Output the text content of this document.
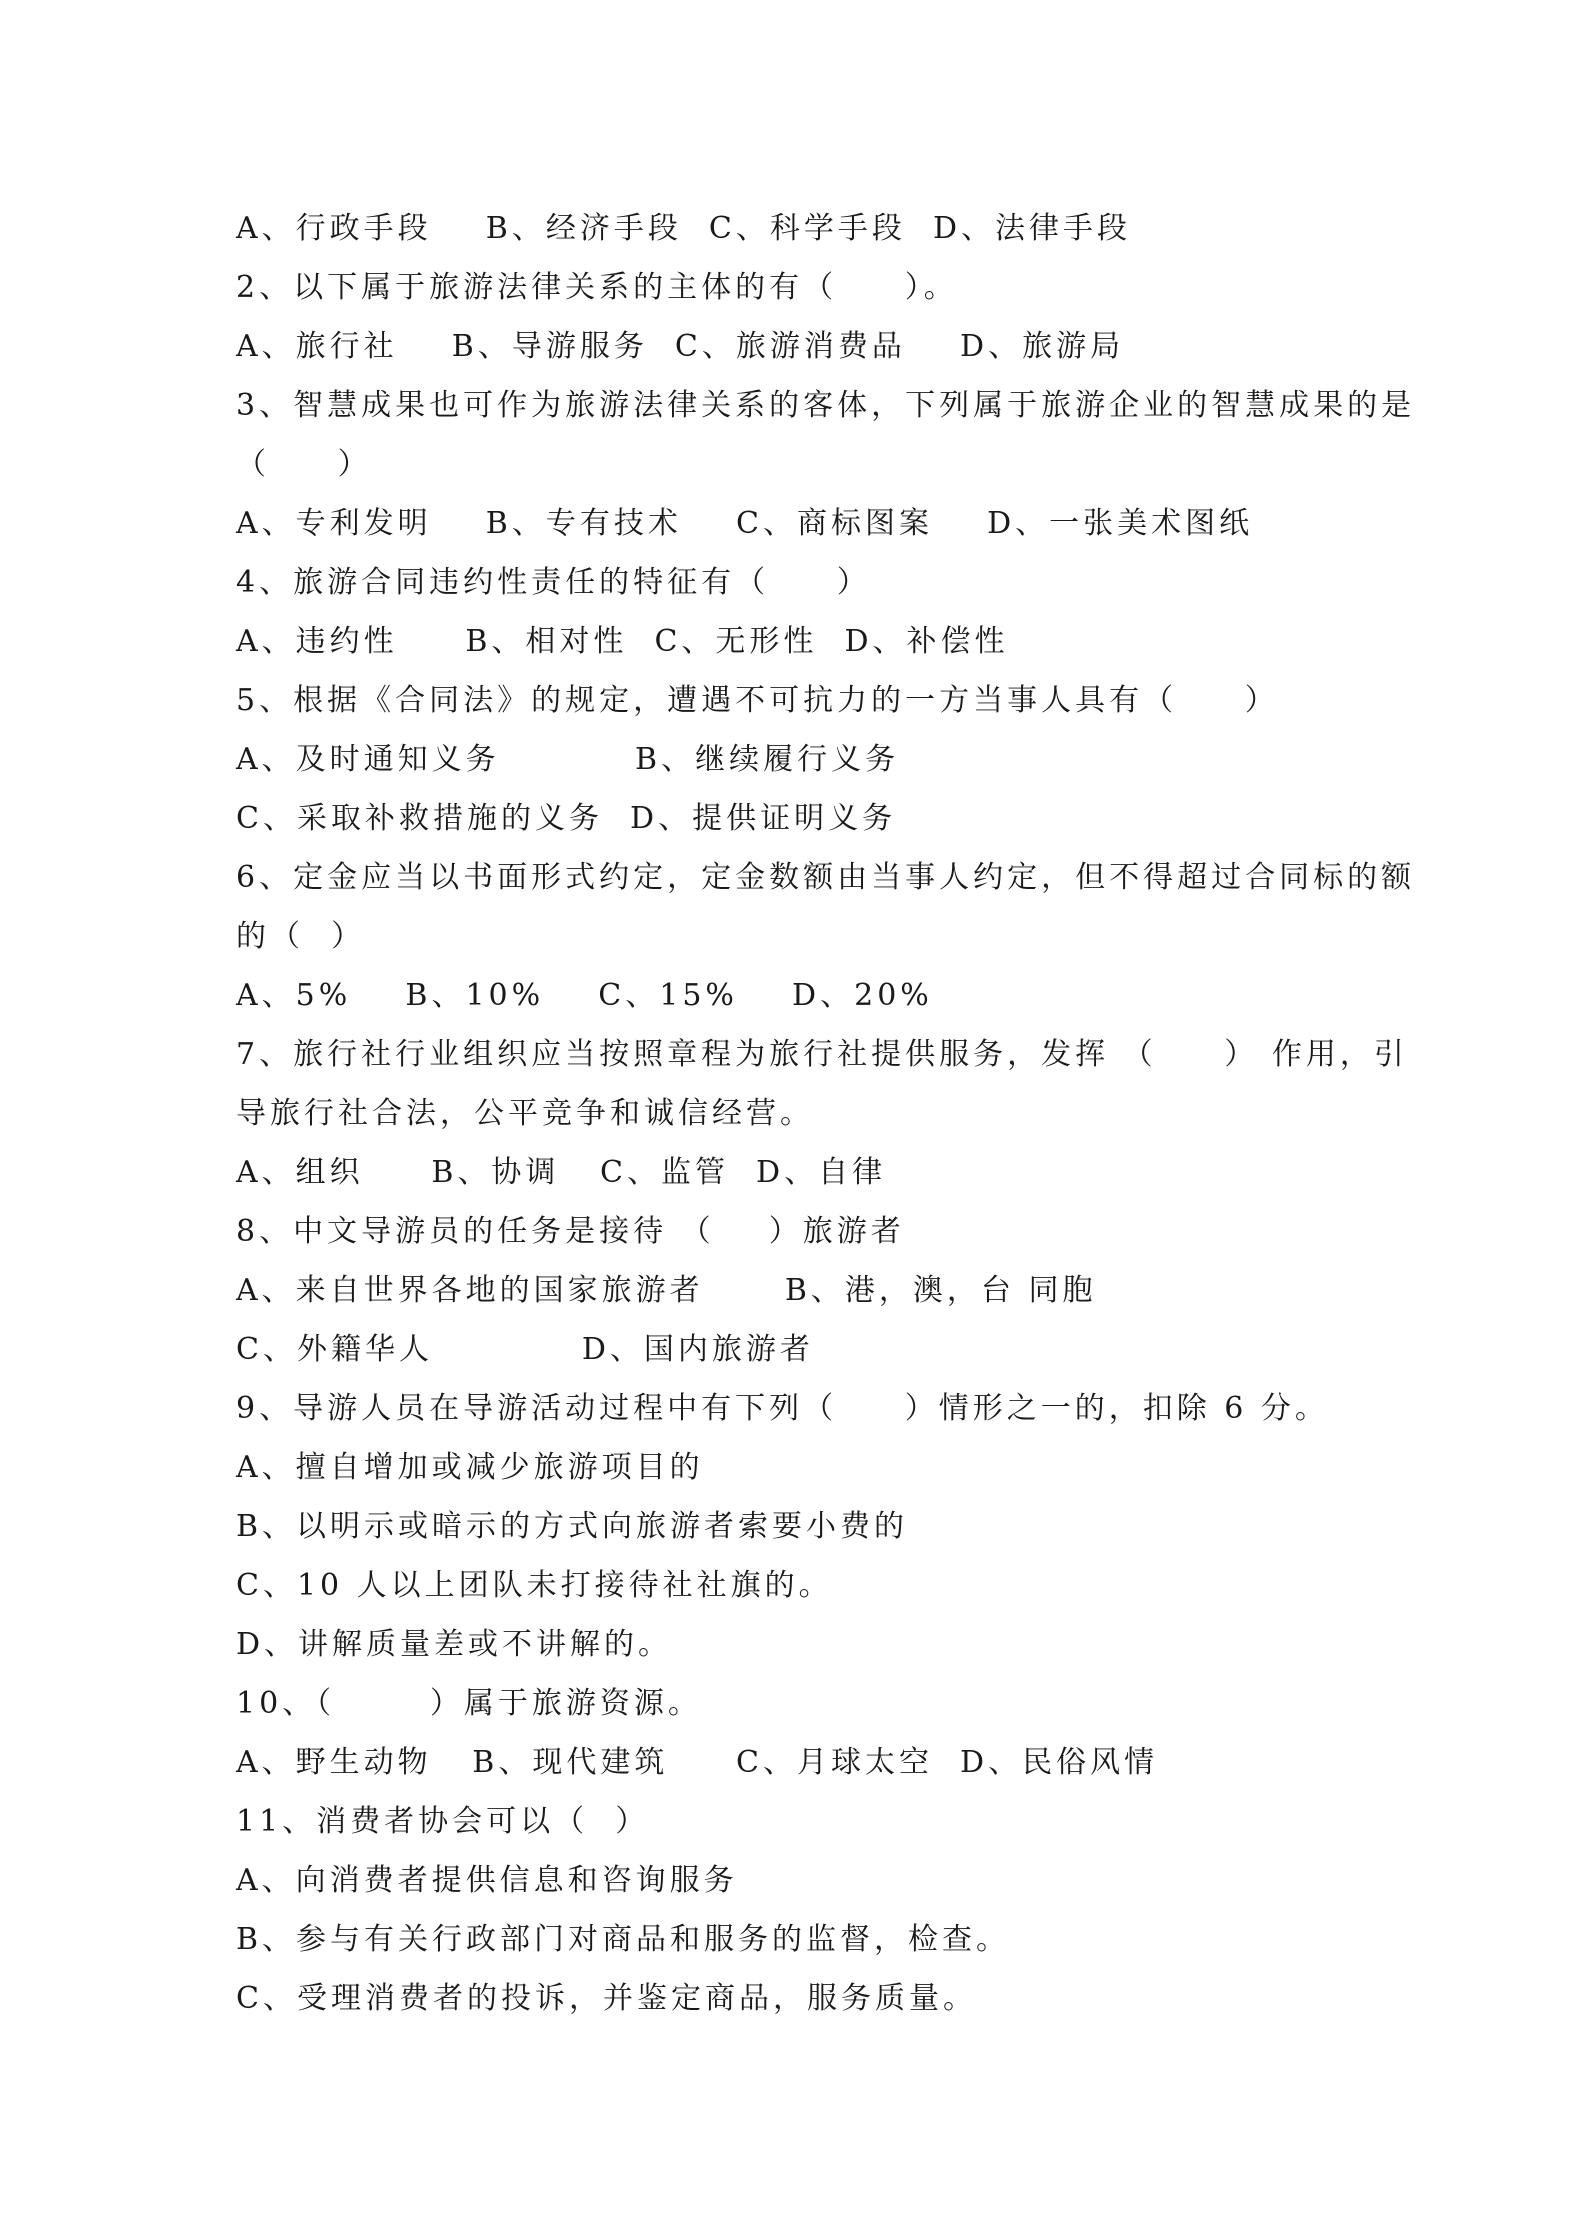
A、行政手段    B、经济手段  C、科学手段  D、法律手段
2、以下属于旅游法律关系的主体的有（     ）。
A、旅行社    B、导游服务  C、旅游消费品    D、旅游局
3、智慧成果也可作为旅游法律关系的客体，下列属于旅游企业的智慧成果的是
（     ）
A、专利发明    B、专有技术    C、商标图案    D、一张美术图纸
4、旅游合同违约性责任的特征有（     ）
A、违约性     B、相对性  C、无形性  D、补偿性
5、根据《合同法》的规定，遭遇不可抗力的一方当事人具有（     ）
A、及时通知义务          B、继续履行义务
C、采取补救措施的义务  D、提供证明义务
6、定金应当以书面形式约定，定金数额由当事人约定，但不得超过合同标的额
的（  ）
A、5%    B、10%    C、15%    D、20%
7、旅行社行业组织应当按照章程为旅行社提供服务，发挥 （     ） 作用，引
导旅行社合法，公平竞争和诚信经营。
A、组织     B、协调   C、监管  D、自律
8、中文导游员的任务是接待 （    ）旅游者
A、来自世界各地的国家旅游者      B、港，澳，台 同胞
C、外籍华人           D、国内旅游者
9、导游人员在导游活动过程中有下列（     ）情形之一的，扣除 6 分。
A、擅自增加或减少旅游项目的
B、以明示或暗示的方式向旅游者索要小费的
C、10 人以上团队未打接待社社旗的。
D、讲解质量差或不讲解的。
10、（       ）属于旅游资源。
A、野生动物   B、现代建筑     C、月球太空  D、民俗风情
11、消费者协会可以（  ）
A、向消费者提供信息和咨询服务
B、参与有关行政部门对商品和服务的监督，检查。
C、受理消费者的投诉，并鉴定商品，服务质量。
